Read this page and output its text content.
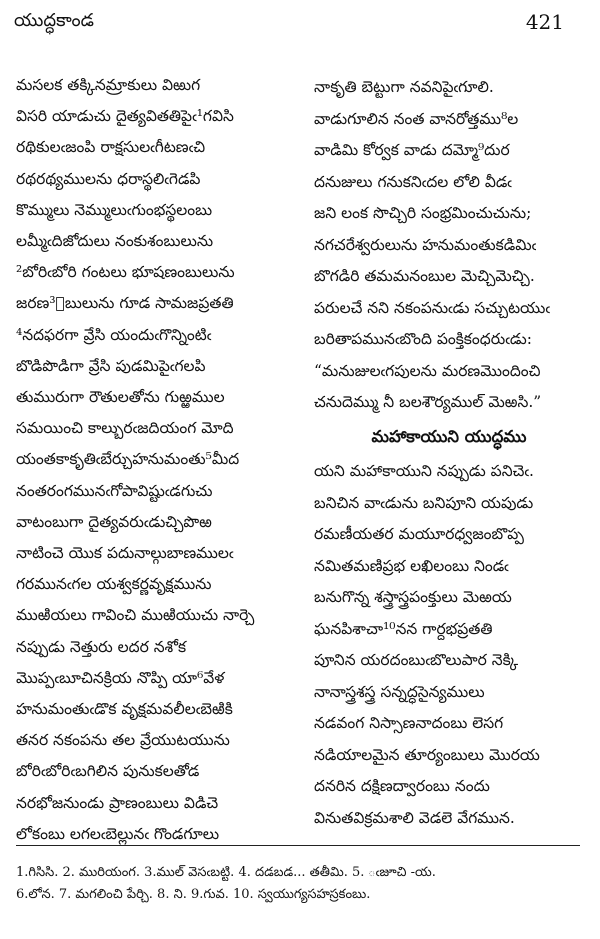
యుద్ధకాండ	421
మసలక తక్కినమ్రాకులు విఱుగ
విసరి యాడుచు దైత్యవితతిపైఁ¹గవిసి
రథికులఁజంపి రాక్షసులఁగీటణఁచి
రథరథ్యములను ధరాస్థలిఁగెడపి
కొమ్ములు నెమ్ములుఁగుంభస్థలంబు
లమ్మీఁదిజోదులు నంకుశంబులును
²బోరిఁబోరి గంటలు భూషణంబులును
జరణ³ంబులును గూడ సామజప్రతతి
⁴నదఫరగా వ్రేసి యందుఁగొన్నింటిఁ
బొడిపొడిగా వ్రేసి పుడమిపైఁగలపి
తుమురుగా రౌతులతోను గుఱ్ఱముల
సమయించి కాల్బురఁజదియంగ మోది
యంతకాకృతిఁబేర్చుహనుమంతు⁵మీద
నంతరంగమునఁగోపావిష్టుఁడగుచు
వాటంబుగా దైత్యవరుఁడుచ్చిపొఱ
నాటించె యొక పదునాల్గుబాణములఁ
గరమునఁగల యశ్వకర్ణవృక్షమును
ముఱియలు గావించి ముఱియుచు నార్చె
నప్పుడు నెత్తురు లదర నశోక
మొప్పఁబూచినక్రియ నొప్పి యా⁶వేళ
హనుమంతుఁడొక వృక్షమవలీలఁబెఱికి
తనర నకంపను తల వ్రేయుటయును
బోరిఁబోరిఁబగిలిన పునుకలతోడ
నరభోజనుండు ప్రాణంబులు విడిచె
లోకంబు లగలఁబెల్లునఁ గొండగూలు
నాకృతి బెట్టుగా నవనిపైఁగూలి.
వాడుగూలిన నంత వానరోత్తము⁸ల
వాడిమి కోర్వక వాడు దమ్మో⁹దుర
దనుజులు గనుకనిఁదల లోలి వీడఁ
జని లంక సొచ్చిరి సంభ్రమించుచును;
నగచరేశ్వరులును హనుమంతుకడిమిఁ
బొగడిరి తమమనంబుల మెచ్చిమెచ్చి.
పరులచే నని నకంపనుఁడు సచ్చుటయుఁ
బరితాపమునఁబొంది పంక్తికంధరుఁడు:
“మనుజులఁగపులను మరణమొందించి
చనుదెమ్ము నీ బలశౌర్యముల్ మెఱసి.”
మహాకాయుని యుద్ధము
యని మహాకాయుని నప్పుడు పనిచెఁ.
బనిచిన వాఁడును బనిపూని యపుడు
రమణీయతర మయూరధ్వజంబొప్ప
నమితమణిప్రభ లఖిలంబు నిండఁ
బనుగొన్న శస్త్రాస్త్రపంక్తులు మెఱయ
ఘనపిశాచా¹⁰నన గార్దభప్రతతి
పూనిన యరదంబుఁబొలుపార నెక్కి
నానాస్త్రశస్త్ర సన్నద్ధసైన్యములు
నడవంగ నిస్సాణనాదంబు లెసగ
నడియాలమైన తూర్యంబులు మొరయ
దనరిన దక్షిణద్వారంబు నందు
వినుతవిక్రమశాలి వెడలె వేగమున.
1.గిసిసి. 2. మురియంగ. 3.ముల్ వెసఁబట్టి. 4. దడబడ... తతీమి. 5. ఁజూచి -య.
6.లోన. 7. మగలించి పేర్చి. 8. ని. 9.గువ. 10. స్వయుగ్యసహస్రకంబు.
